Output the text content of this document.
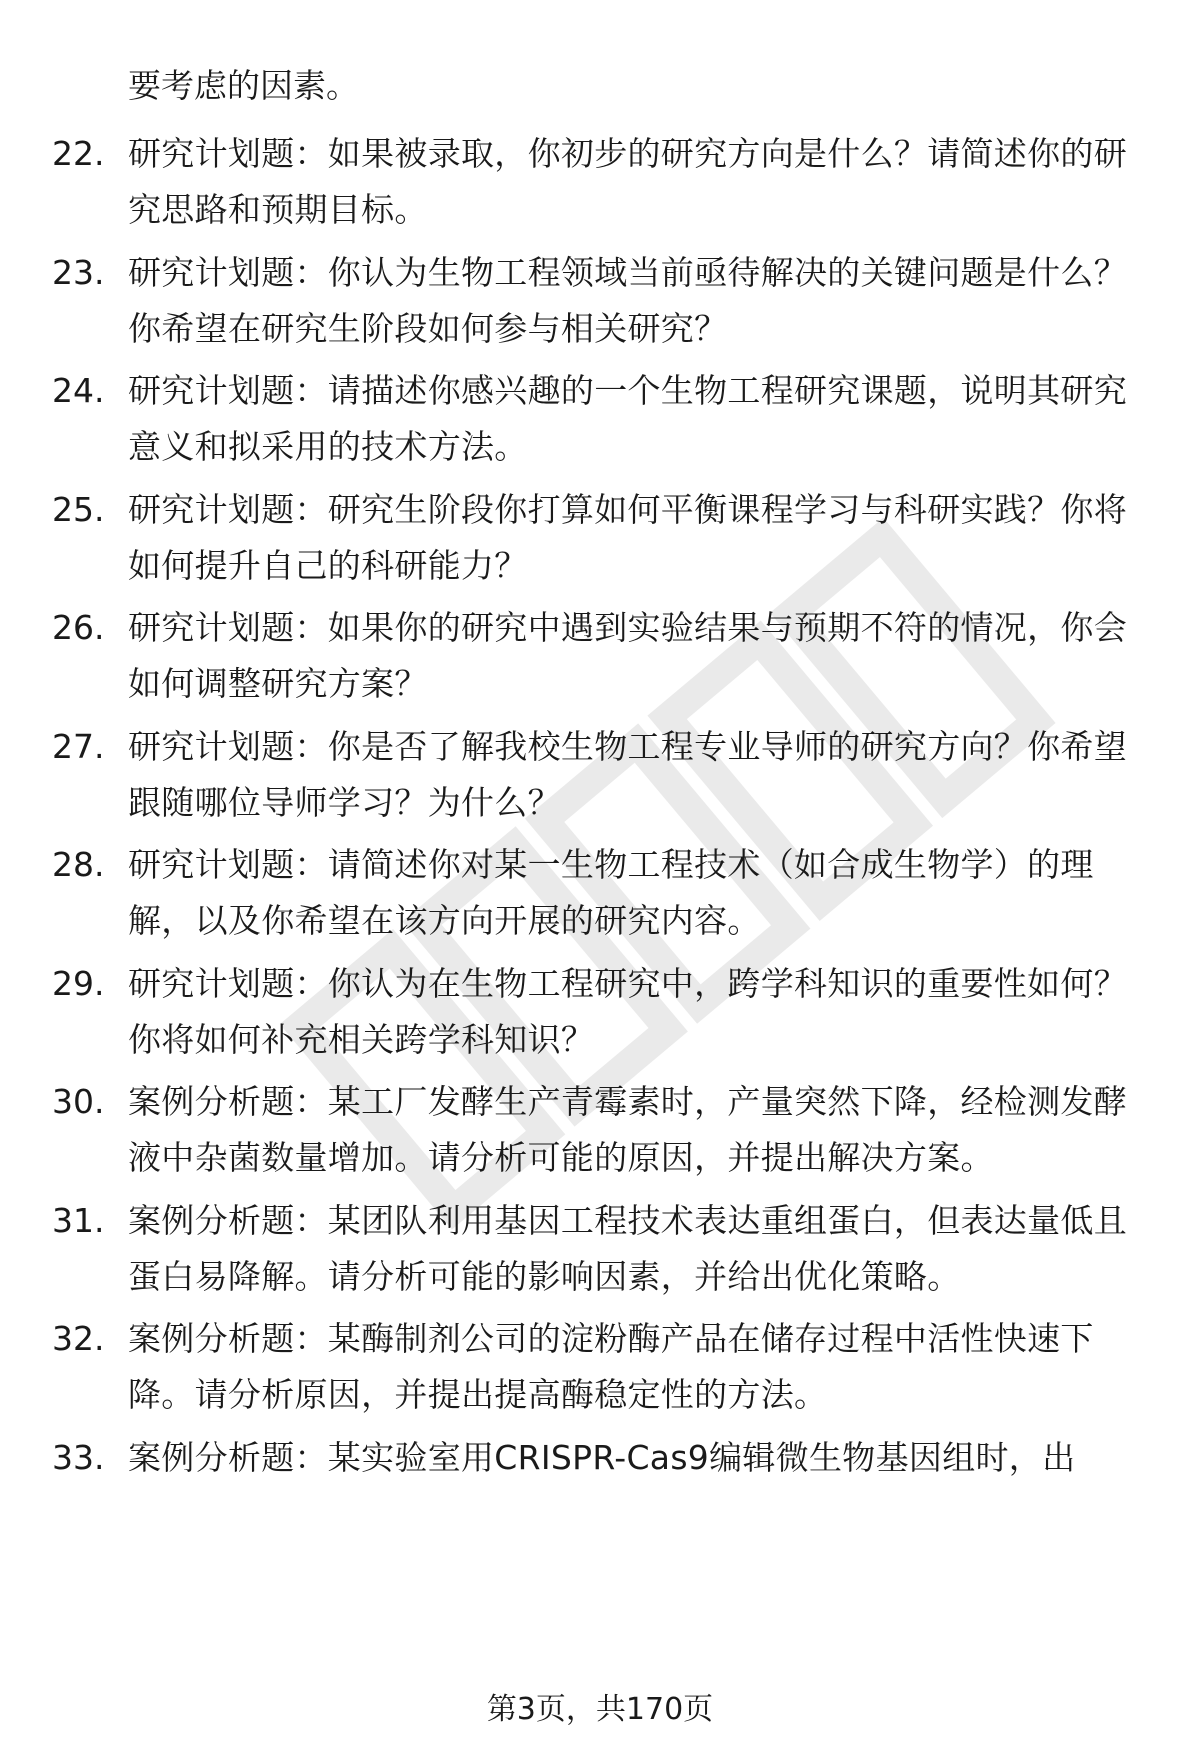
要考虑的因素。

22. 研究计划题：如果被录取，你初步的研究方向是什么？请简述你的研究思路和预期目标。
23. 研究计划题：你认为生物工程领域当前亟待解决的关键问题是什么？你希望在研究生阶段如何参与相关研究？
24. 研究计划题：请描述你感兴趣的一个生物工程研究课题，说明其研究意义和拟采用的技术方法。
25. 研究计划题：研究生阶段你打算如何平衡课程学习与科研实践？你将如何提升自己的科研能力？
26. 研究计划题：如果你的研究中遇到实验结果与预期不符的情况，你会如何调整研究方案？
27. 研究计划题：你是否了解我校生物工程专业导师的研究方向？你希望跟随哪位导师学习？为什么？
28. 研究计划题：请简述你对某一生物工程技术（如合成生物学）的理解，以及你希望在该方向开展的研究内容。
29. 研究计划题：你认为在生物工程研究中，跨学科知识的重要性如何？你将如何补充相关跨学科知识？
30. 案例分析题：某工厂发酵生产青霉素时，产量突然下降，经检测发酵液中杂菌数量增加。请分析可能的原因，并提出解决方案。
31. 案例分析题：某团队利用基因工程技术表达重组蛋白，但表达量低且蛋白易降解。请分析可能的影响因素，并给出优化策略。
32. 案例分析题：某酶制剂公司的淀粉酶产品在储存过程中活性快速下降。请分析原因，并提出提高酶稳定性的方法。
33. 案例分析题：某实验室用CRISPR-Cas9编辑微生物基因组时，出
第3页，共170页
